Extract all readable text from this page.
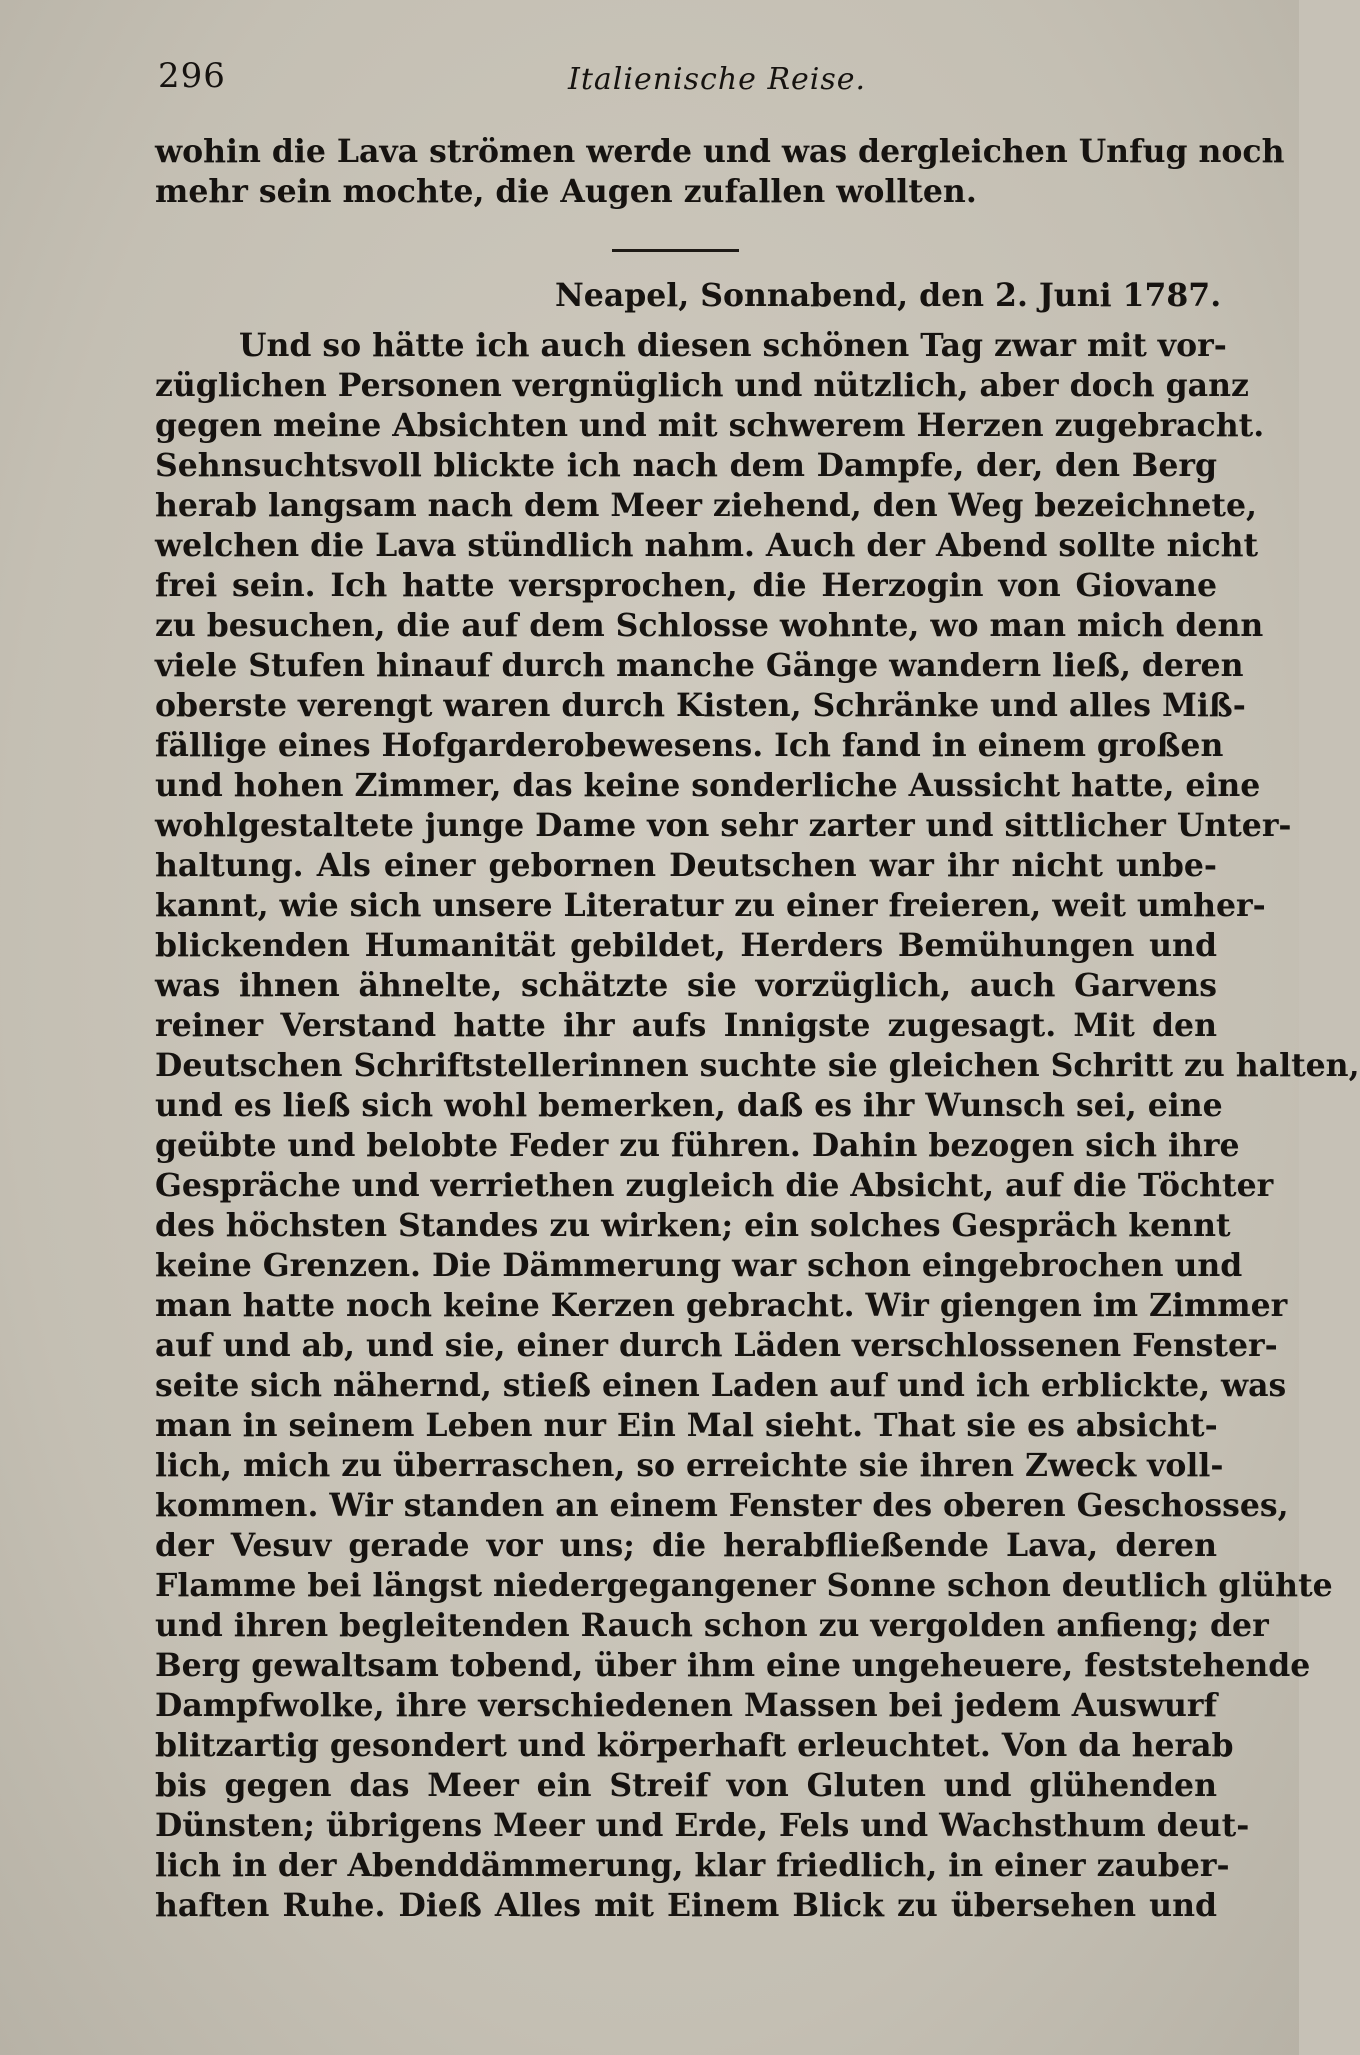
296	Italienische Reise.
wohin die Lava strömen werde und was dergleichen Unfug noch
mehr sein mochte, die Augen zufallen wollten.
Neapel, Sonnabend, den 2. Juni 1787.
Und so hätte ich auch diesen schönen Tag zwar mit vor-
züglichen Personen vergnüglich und nützlich, aber doch ganz
gegen meine Absichten und mit schwerem Herzen zugebracht.
Sehnsuchtsvoll blickte ich nach dem Dampfe, der, den Berg
herab langsam nach dem Meer ziehend, den Weg bezeichnete,
welchen die Lava stündlich nahm. Auch der Abend sollte nicht
frei sein. Ich hatte versprochen, die Herzogin von Giovane
zu besuchen, die auf dem Schlosse wohnte, wo man mich denn
viele Stufen hinauf durch manche Gänge wandern ließ, deren
oberste verengt waren durch Kisten, Schränke und alles Miß-
fällige eines Hofgarderobewesens. Ich fand in einem großen
und hohen Zimmer, das keine sonderliche Aussicht hatte, eine
wohlgestaltete junge Dame von sehr zarter und sittlicher Unter-
haltung. Als einer gebornen Deutschen war ihr nicht unbe-
kannt, wie sich unsere Literatur zu einer freieren, weit umher-
blickenden Humanität gebildet, Herders Bemühungen und
was ihnen ähnelte, schätzte sie vorzüglich, auch Garvens
reiner Verstand hatte ihr aufs Innigste zugesagt. Mit den
Deutschen Schriftstellerinnen suchte sie gleichen Schritt zu halten,
und es ließ sich wohl bemerken, daß es ihr Wunsch sei, eine
geübte und belobte Feder zu führen. Dahin bezogen sich ihre
Gespräche und verriethen zugleich die Absicht, auf die Töchter
des höchsten Standes zu wirken; ein solches Gespräch kennt
keine Grenzen. Die Dämmerung war schon eingebrochen und
man hatte noch keine Kerzen gebracht. Wir giengen im Zimmer
auf und ab, und sie, einer durch Läden verschlossenen Fenster-
seite sich nähernd, stieß einen Laden auf und ich erblickte, was
man in seinem Leben nur Ein Mal sieht. That sie es absicht-
lich, mich zu überraschen, so erreichte sie ihren Zweck voll-
kommen. Wir standen an einem Fenster des oberen Geschosses,
der Vesuv gerade vor uns; die herabfließende Lava, deren
Flamme bei längst niedergegangener Sonne schon deutlich glühte
und ihren begleitenden Rauch schon zu vergolden anfieng; der
Berg gewaltsam tobend, über ihm eine ungeheuere, feststehende
Dampfwolke, ihre verschiedenen Massen bei jedem Auswurf
blitzartig gesondert und körperhaft erleuchtet. Von da herab
bis gegen das Meer ein Streif von Gluten und glühenden
Dünsten; übrigens Meer und Erde, Fels und Wachsthum deut-
lich in der Abenddämmerung, klar friedlich, in einer zauber-
haften Ruhe. Dieß Alles mit Einem Blick zu übersehen und
